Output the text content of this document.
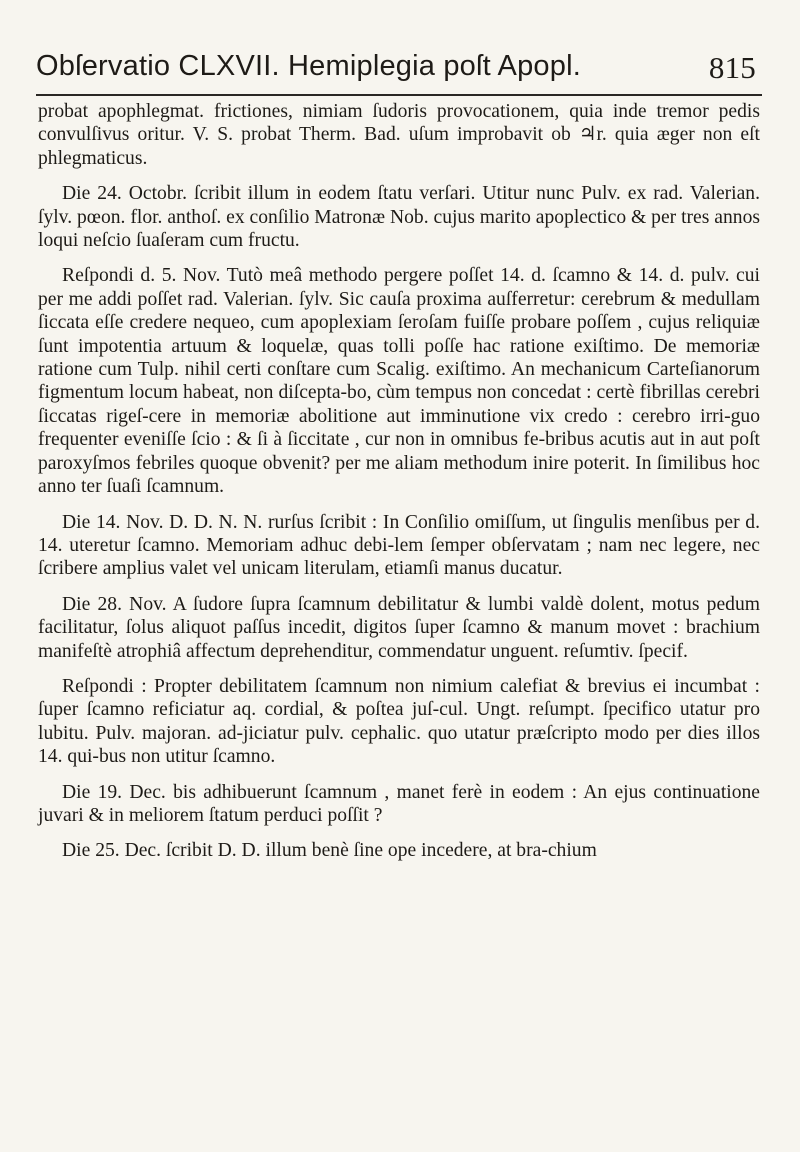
Obſervatio CLXVII. Hemiplegia poſt Apopl.	815

probat apophlegmat. frictiones, nimiam ſudoris provocationem, quia inde tremor pedis convulſivus oritur. V. S. probat Therm. Bad. uſum improbavit ob ♃r. quia æger non eſt phlegmaticus.

Die 24. Octobr. ſcribit illum in eodem ſtatu verſari. Utitur nunc Pulv. ex rad. Valerian. ſylv. pœon. flor. anthoſ. ex conſilio Matronæ Nob. cujus marito apoplectico & per tres annos loqui neſcio ſuaſeram cum fructu.

Reſpondi d. 5. Nov. Tutò meâ methodo pergere poſſet 14. d. ſcamno & 14. d. pulv. cui per me addi poſſet rad. Valerian. ſylv. Sic cauſa proxima auſferretur: cerebrum & medullam ſiccata eſſe credere nequeo, cum apoplexiam ſeroſam fuiſſe probare poſſem , cujus reliquiæ ſunt impotentia artuum & loquelæ, quas tolli poſſe hac ratione exiſtimo. De memoriæ ratione cum Tulp. nihil certi conſtare cum Scalig. exiſtimo. An mechanicum Carteſianorum figmentum locum habeat, non diſcepta-bo, cùm tempus non concedat : certè fibrillas cerebri ſiccatas rigeſ-cere in memoriæ abolitione aut imminutione vix credo : cerebro irri-guo frequenter eveniſſe ſcio : & ſi à ſiccitate , cur non in omnibus fe-bribus acutis aut in aut poſt paroxyſmos febriles quoque obvenit? per me aliam methodum inire poterit. In ſimilibus hoc anno ter ſuaſi ſcamnum.

Die 14. Nov. D. D. N. N. rurſus ſcribit : In Conſilio omiſſum, ut ſingulis menſibus per d. 14. uteretur ſcamno. Memoriam adhuc debi-lem ſemper obſervatam ; nam nec legere, nec ſcribere amplius valet vel unicam literulam, etiamſi manus ducatur.

Die 28. Nov. A ſudore ſupra ſcamnum debilitatur & lumbi valdè dolent, motus pedum facilitatur, ſolus aliquot paſſus incedit, digitos ſuper ſcamno & manum movet : brachium manifeſtè atrophiâ affectum deprehenditur, commendatur unguent. reſumtiv. ſpecif.

Reſpondi : Propter debilitatem ſcamnum non nimium calefiat & brevius ei incumbat : ſuper ſcamno reficiatur aq. cordial, & poſtea juſ-cul. Ungt. reſumpt. ſpecifico utatur pro lubitu. Pulv. majoran. ad-jiciatur pulv. cephalic. quo utatur præſcripto modo per dies illos 14. qui-bus non utitur ſcamno.

Die 19. Dec. bis adhibuerunt ſcamnum , manet ferè in eodem : An ejus continuatione juvari & in meliorem ſtatum perduci poſſit ?

Die 25. Dec. ſcribit D. D. illum benè ſine ope incedere, at bra-chium
